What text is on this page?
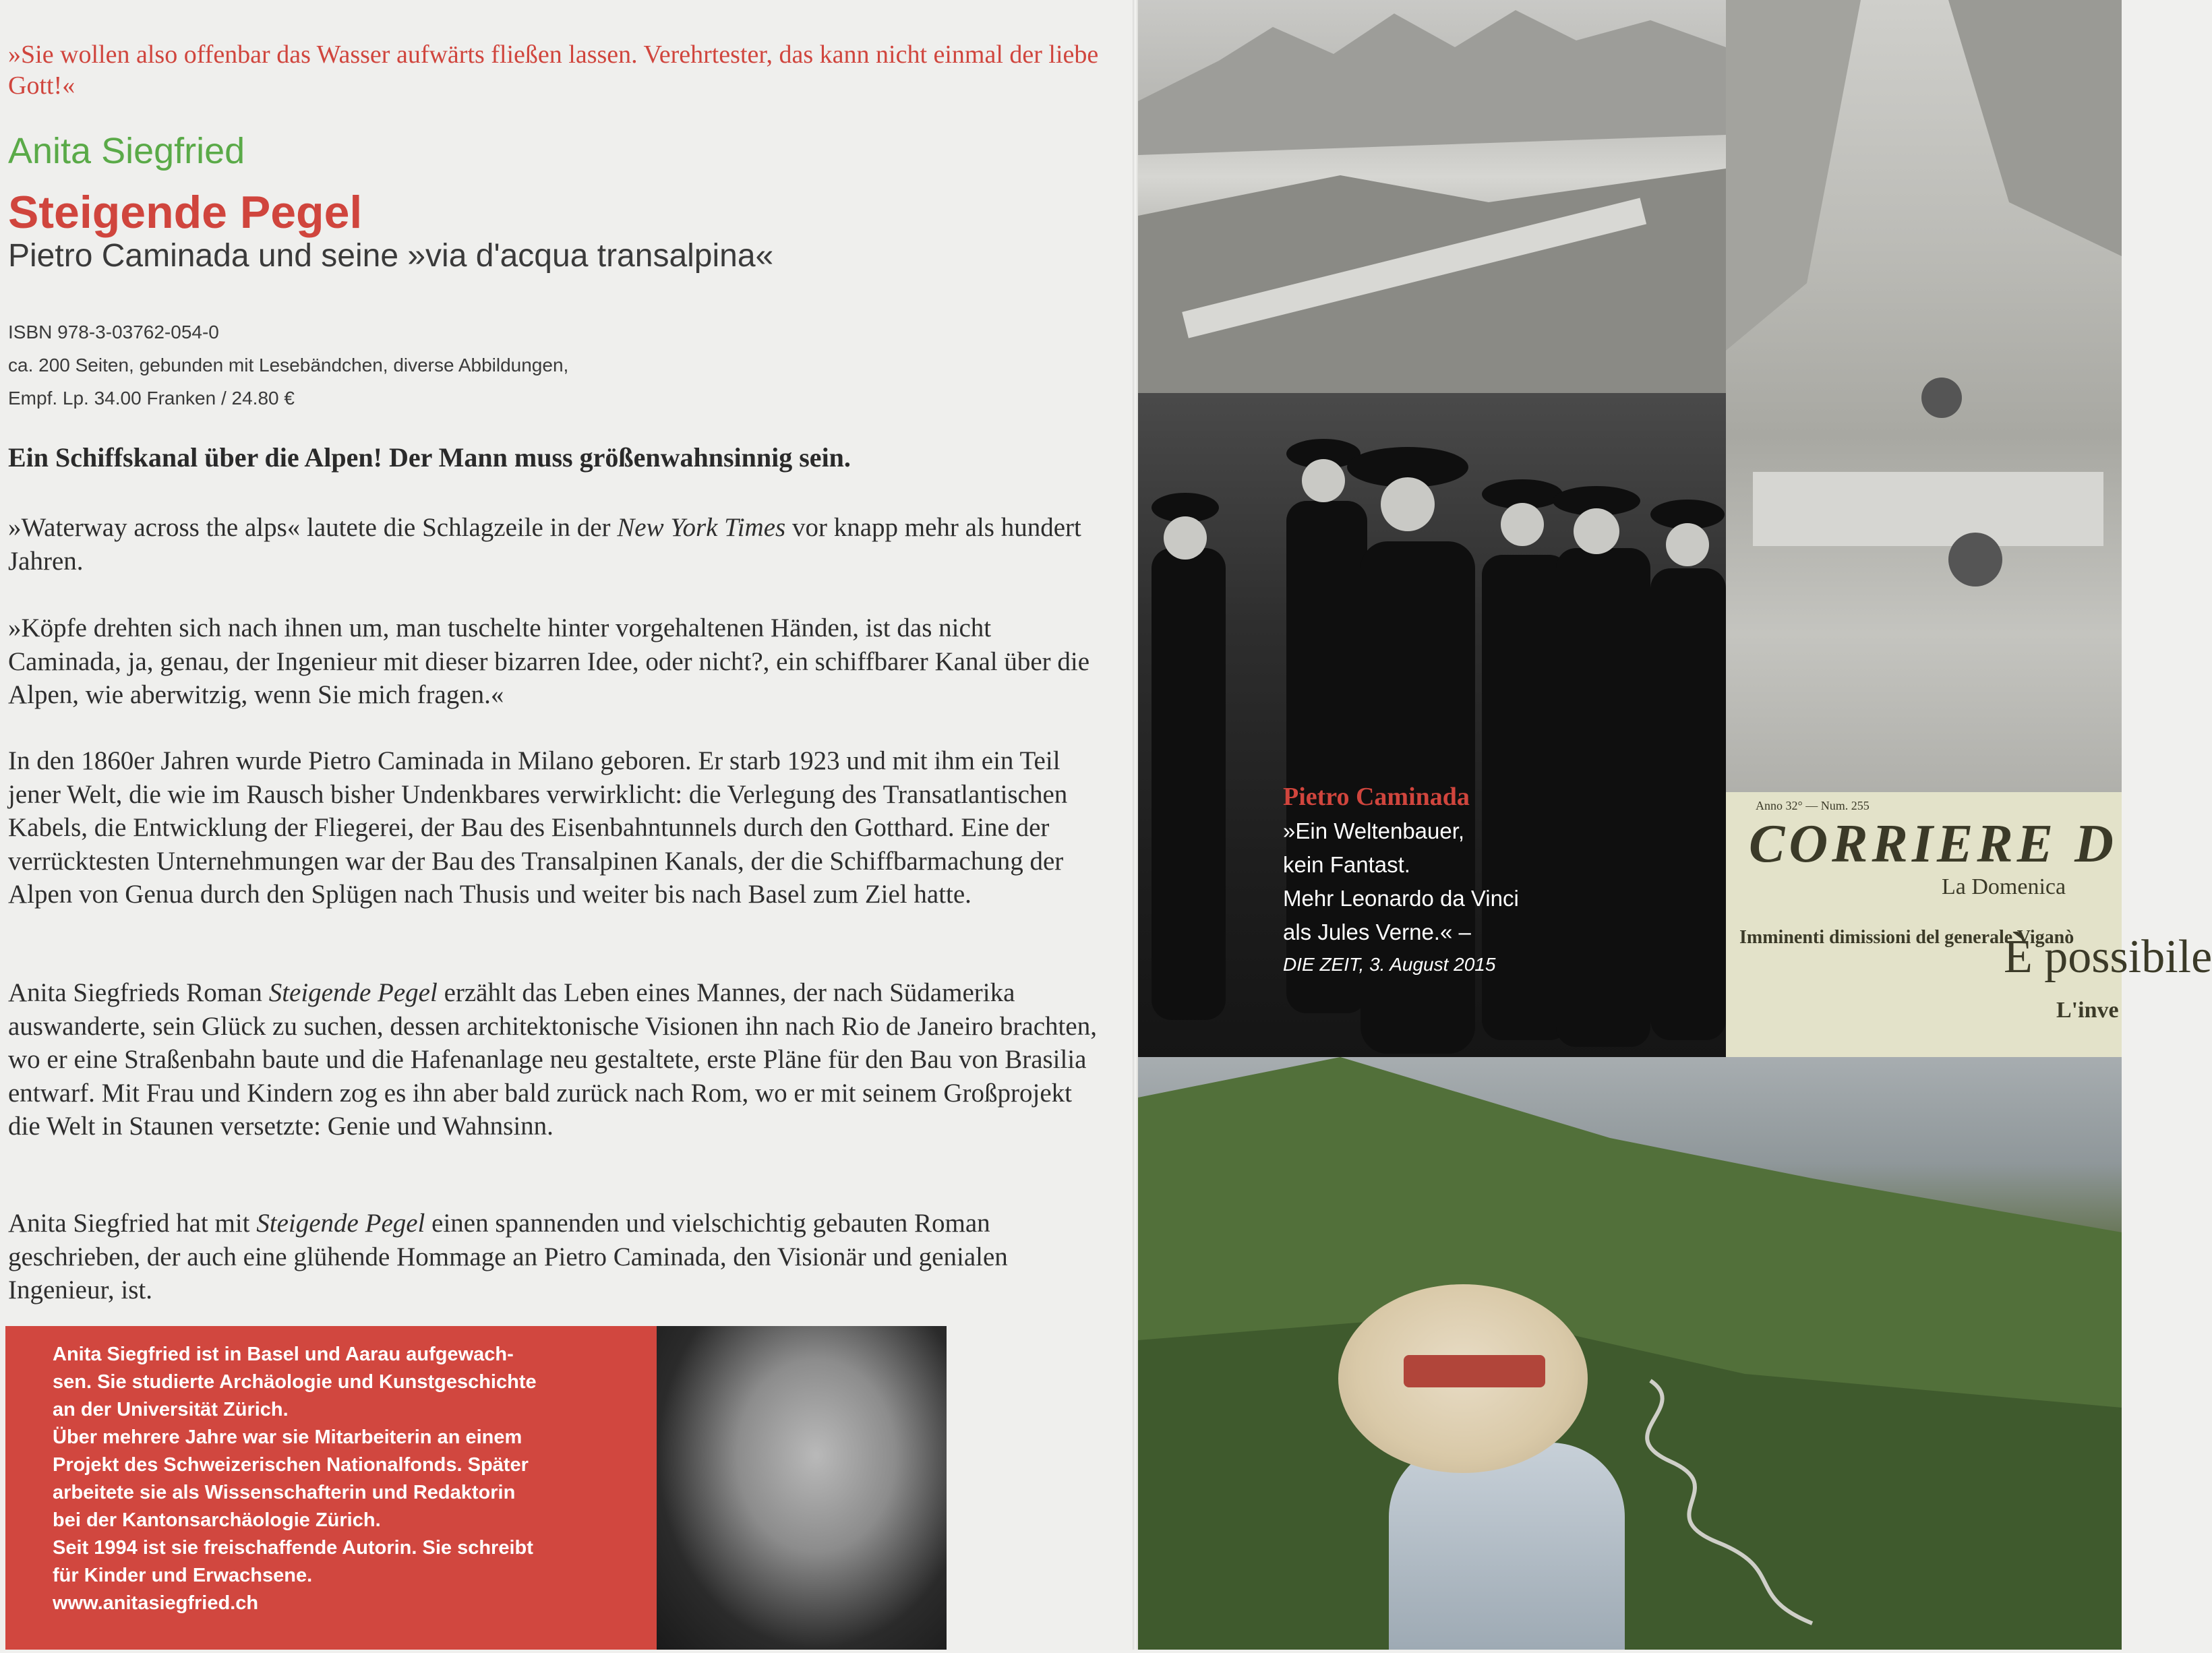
»Sie wollen also offenbar das Wasser aufwärts fließen lassen. Verehrtester, das kann nicht einmal der liebe Gott!«
Anita Siegfried
Steigende Pegel
Pietro Caminada und seine »via d'acqua transalpina«
ISBN 978-3-03762-054-0
ca. 200 Seiten, gebunden mit Lesebändchen, diverse Abbildungen,
Empf. Lp. 34.00 Franken / 24.80 €
Ein Schiffskanal über die Alpen! Der Mann muss größenwahnsinnig sein.
»Waterway across the alps« lautete die Schlagzeile in der New York Times vor knapp mehr als hundert Jahren.
»Köpfe drehten sich nach ihnen um, man tuschelte hinter vorgehaltenen Händen, ist das nicht Caminada, ja, genau, der Ingenieur mit dieser bizarren Idee, oder nicht?, ein schiffbarer Kanal über die Alpen, wie aberwitzig, wenn Sie mich fragen.«
In den 1860er Jahren wurde Pietro Caminada in Milano geboren. Er starb 1923 und mit ihm ein Teil jener Welt, die wie im Rausch bisher Undenkbares verwirklicht: die Verlegung des Transatlantischen Kabels, die Entwicklung der Fliegerei, der Bau des Eisenbahntunnels durch den Gotthard. Eine der verrücktesten Unternehmungen war der Bau des Transalpinen Kanals, der die Schiffbarmachung der Alpen von Genua durch den Splügen nach Thusis und weiter bis nach Basel zum Ziel hatte.
Anita Siegfrieds Roman Steigende Pegel erzählt das Leben eines Mannes, der nach Südamerika auswanderte, sein Glück zu suchen, dessen architektonische Visionen ihn nach Rio de Janeiro brachten, wo er eine Straßenbahn baute und die Hafenanlage neu gestaltete, erste Pläne für den Bau von Brasilia entwarf. Mit Frau und Kindern zog es ihn aber bald zurück nach Rom, wo er mit seinem Großprojekt die Welt in Staunen versetzte: Genie und Wahnsinn.
Anita Siegfried hat mit Steigende Pegel einen spannenden und vielschichtig gebauten Roman geschrieben, der auch eine glühende Hommage an Pietro Caminada, den Visionär und genialen Ingenieur, ist.
Anita Siegfried ist in Basel und Aarau aufgewach-
sen. Sie studierte Archäologie und Kunstgeschichte
an der Universität Zürich.
Über mehrere Jahre war sie Mitarbeiterin an einem
Projekt des Schweizerischen Nationalfonds. Später
arbeitete sie als Wissenschafterin und Redaktorin
bei der Kantonsarchäologie Zürich.
Seit 1994 ist sie freischaffende Autorin. Sie schreibt
für Kinder und Erwachsene.
www.anitasiegfried.ch
Pietro Caminada
»Ein Weltenbauer,
kein Fantast.
Mehr Leonardo da Vinci
als Jules Verne.« –
DIE ZEIT, 3. August 2015
Anno 32° — Num. 255
CORRIERE D
La Domenica
Imminenti dimissioni del generale Viganò
È possibile
L'inve
